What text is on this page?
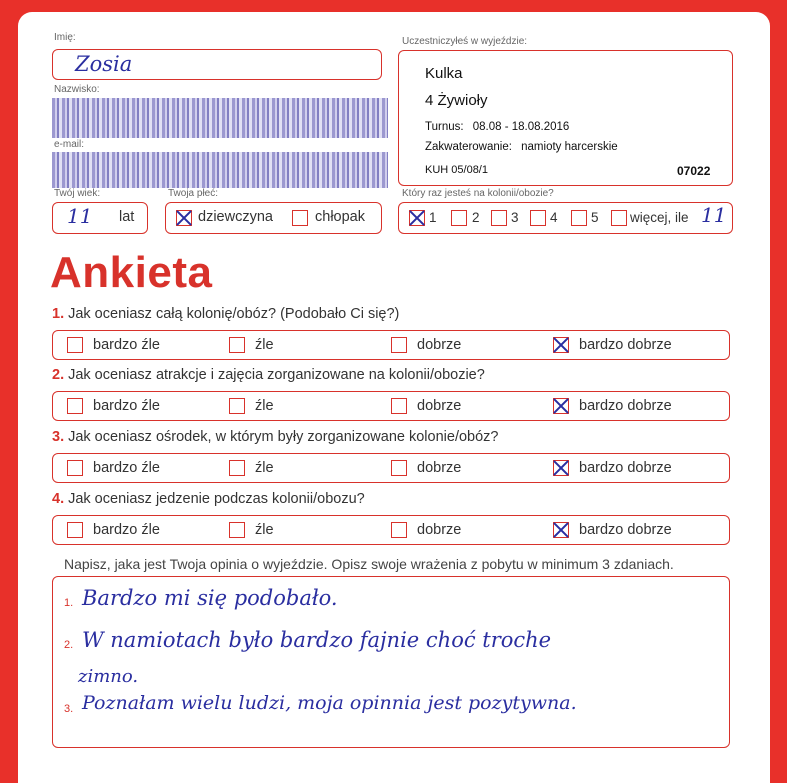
Imię:
Zosia
Nazwisko:
e-mail:
Twój wiek:
11 lat
Twoja płeć:
dziewczyna	chłopak
Uczestniczyłeś w wyjeździe:
Kulka
4 Żywioły
Turnus: 08.08 - 18.08.2016
Zakwaterowanie: namioty harcerskie
KUH 05/08/1	07022
Który raz jesteś na kolonii/obozie?
1	2 3 4 5 więcej, ile 11
Ankieta
1. Jak oceniasz całą kolonię/obóz? (Podobało Ci się?)
bardzo źle	źle	dobrze	bardzo dobrze
2. Jak oceniasz atrakcje i zajęcia zorganizowane na kolonii/obozie?
bardzo źle	źle	dobrze	bardzo dobrze
3. Jak oceniasz ośrodek, w którym były zorganizowane kolonie/obóz?
bardzo źle	źle	dobrze	bardzo dobrze
4. Jak oceniasz jedzenie podczas kolonii/obozu?
bardzo źle	źle	dobrze	bardzo dobrze
Napisz, jaka jest Twoja opinia o wyjeździe. Opisz swoje wrażenia z pobytu w minimum 3 zdaniach.
1. Bardzo mi się podobało.
2. W namiotach było bardzo fajnie choć troche
zimno.
3. Poznałam wielu ludzi, moja opinnia jest pozytywna.
